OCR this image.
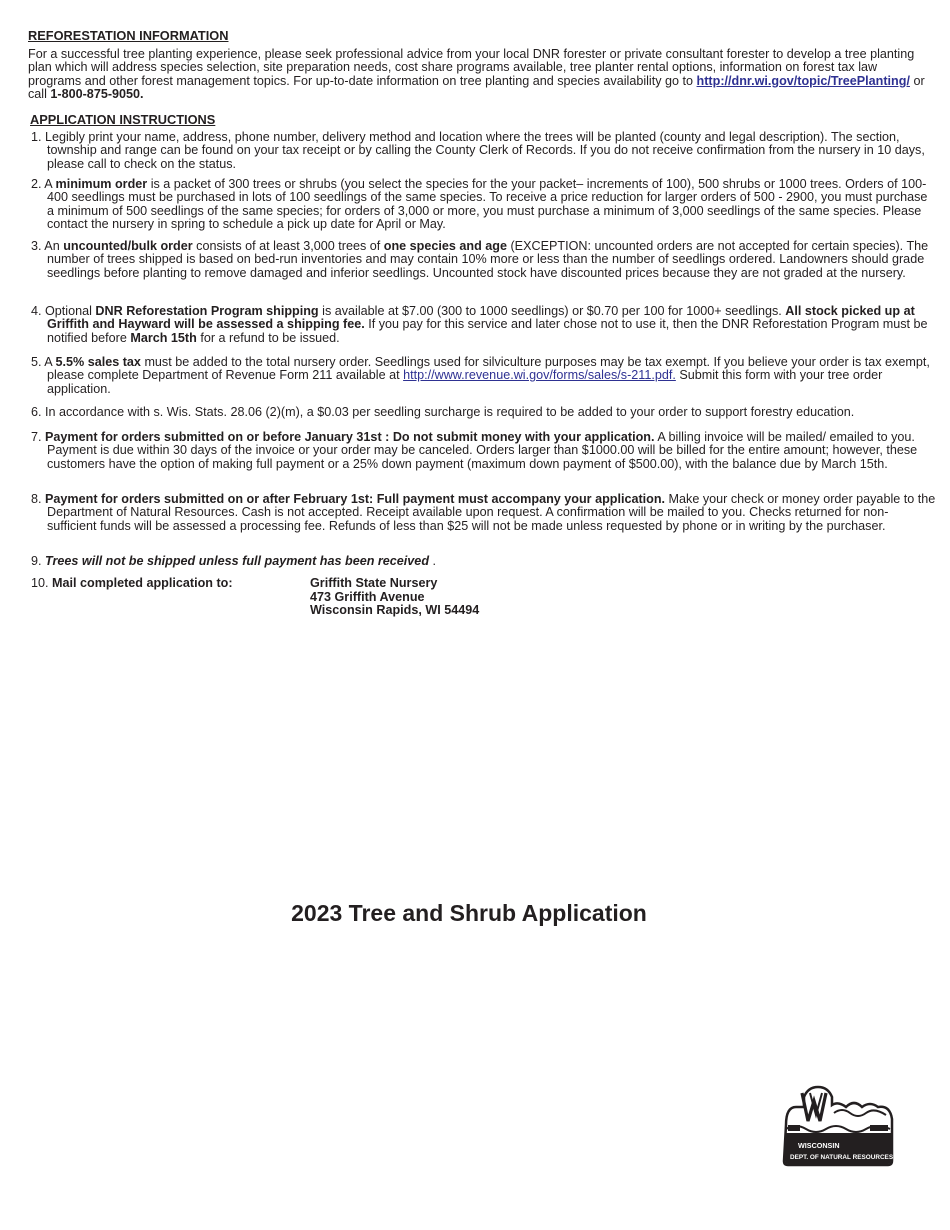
REFORESTATION INFORMATION
For a successful tree planting experience, please seek professional advice from your local DNR forester or private consultant forester to develop a tree planting plan which will address species selection, site preparation needs, cost share programs available, tree planter rental options, information on forest tax law programs and other forest management topics. For up-to-date information on tree planting and species availability go to http://dnr.wi.gov/topic/TreePlanting/ or call 1-800-875-9050.
APPLICATION INSTRUCTIONS
1. Legibly print your name, address, phone number, delivery method and location where the trees will be planted (county and legal description). The section, township and range can be found on your tax receipt or by calling the County Clerk of Records. If you do not receive confirmation from the nursery in 10 days, please call to check on the status.
2. A minimum order is a packet of 300 trees or shrubs (you select the species for the your packet– increments of 100), 500 shrubs or 1000 trees. Orders of 100-400 seedlings must be purchased in lots of 100 seedlings of the same species. To receive a price reduction for larger orders of 500 - 2900, you must purchase a minimum of 500 seedlings of the same species; for orders of 3,000 or more, you must purchase a minimum of 3,000 seedlings of the same species. Please contact the nursery in spring to schedule a pick up date for April or May.
3. An uncounted/bulk order consists of at least 3,000 trees of one species and age (EXCEPTION: uncounted orders are not accepted for certain species). The number of trees shipped is based on bed-run inventories and may contain 10% more or less than the number of seedlings ordered. Landowners should grade seedlings before planting to remove damaged and inferior seedlings. Uncounted stock have discounted prices because they are not graded at the nursery.
4. Optional DNR Reforestation Program shipping is available at $7.00 (300 to 1000 seedlings) or $0.70 per 100 for 1000+ seedlings. All stock picked up at Griffith and Hayward will be assessed a shipping fee. If you pay for this service and later chose not to use it, then the DNR Reforestation Program must be notified before March 15th for a refund to be issued.
5. A 5.5% sales tax must be added to the total nursery order. Seedlings used for silviculture purposes may be tax exempt. If you believe your order is tax exempt, please complete Department of Revenue Form 211 available at http://www.revenue.wi.gov/forms/sales/s-211.pdf. Submit this form with your tree order application.
6. In accordance with s. Wis. Stats. 28.06 (2)(m), a $0.03 per seedling surcharge is required to be added to your order to support forestry education.
7. Payment for orders submitted on or before January 31st : Do not submit money with your application. A billing invoice will be mailed/ emailed to you. Payment is due within 30 days of the invoice or your order may be canceled. Orders larger than $1000.00 will be billed for the entire amount; however, these customers have the option of making full payment or a 25% down payment (maximum down payment of $500.00), with the balance due by March 15th.
8. Payment for orders submitted on or after February 1st: Full payment must accompany your application. Make your check or money order payable to the Department of Natural Resources. Cash is not accepted. Receipt available upon request. A confirmation will be mailed to you. Checks returned for non-sufficient funds will be assessed a processing fee. Refunds of less than $25 will not be made unless requested by phone or in writing by the purchaser.
9. Trees will not be shipped unless full payment has been received .
10. Mail completed application to:	Griffith State Nursery
473 Griffith Avenue
Wisconsin Rapids, WI 54494
2023 Tree and Shrub Application
WISCONSIN
DEPT. OF NATURAL RESOURCES
